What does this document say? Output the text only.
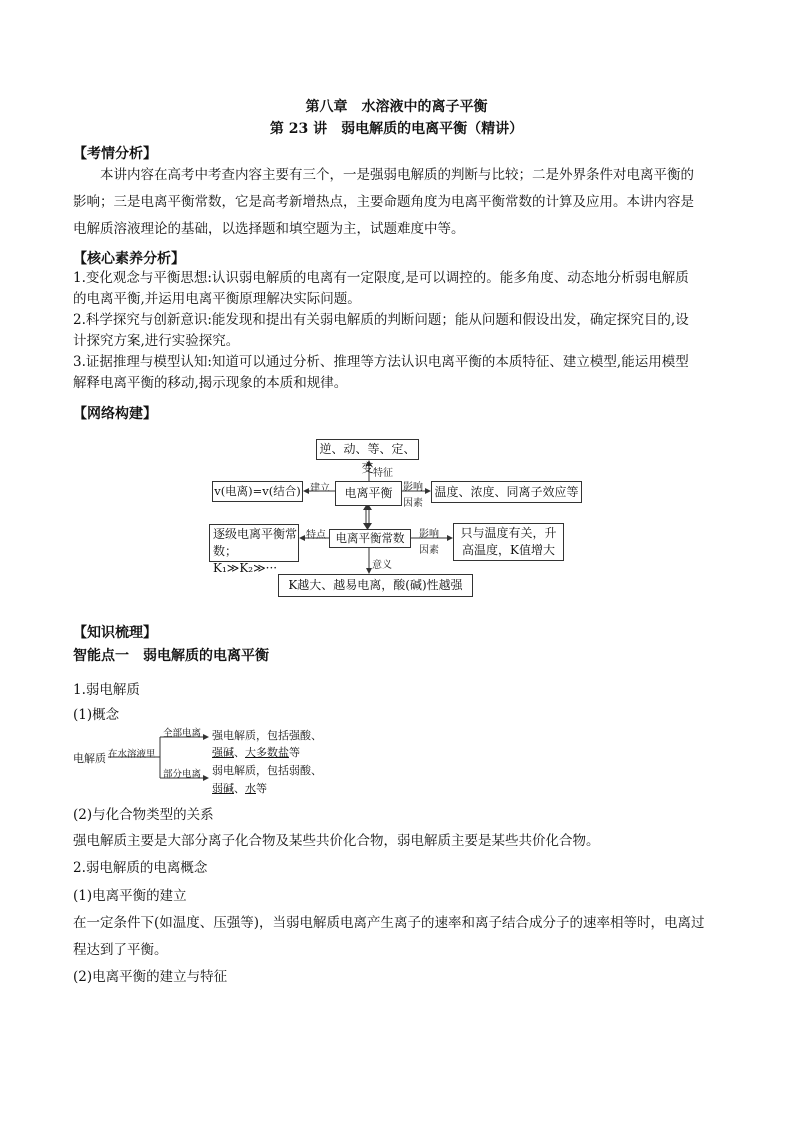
第八章　水溶液中的离子平衡
第 23 讲　弱电解质的电离平衡（精讲）
【考情分析】
本讲内容在高考中考查内容主要有三个，一是强弱电解质的判断与比较；二是外界条件对电离平衡的
影响；三是电离平衡常数，它是高考新增热点，主要命题角度为电离平衡常数的计算及应用。本讲内容是
电解质溶液理论的基础，以选择题和填空题为主，试题难度中等。
【核心素养分析】
1.变化观念与平衡思想:认识弱电解质的电离有一定限度,是可以调控的。能多角度、动态地分析弱电解质
的电离平衡,并运用电离平衡原理解决实际问题。
2.科学探究与创新意识:能发现和提出有关弱电解质的判断问题；能从问题和假设出发，确定探究目的,设
计探究方案,进行实验探究。
3.证据推理与模型认知:知道可以通过分析、推理等方法认识电离平衡的本质特征、建立模型,能运用模型
解释电离平衡的移动,揭示现象的本质和规律。
【网络构建】
逆、动、等、定、变 特征
v(电离)=v(结合) 建立	电离平衡	影响
因素
温度、浓度、同离子效应等
逐级电离平衡常
数；K₁≫K₂≫···
特点 电离平衡常数	影响
因素
只与温度有关，升
高温度，K值增大
意义
K越大、越易电离，酸(碱)性越强
【知识梳理】
智能点一　弱电解质的电离平衡
1.弱电解质
(1)概念
电解质 在水溶液里
全部电离
部分电离
强电解质，包括强酸、
强碱、大多数盐等
弱电解质，包括弱酸、
弱碱、水等
(2)与化合物类型的关系
强电解质主要是大部分离子化合物及某些共价化合物，弱电解质主要是某些共价化合物。
2.弱电解质的电离概念
(1)电离平衡的建立
在一定条件下(如温度、压强等)，当弱电解质电离产生离子的速率和离子结合成分子的速率相等时，电离过
程达到了平衡。
(2)电离平衡的建立与特征
